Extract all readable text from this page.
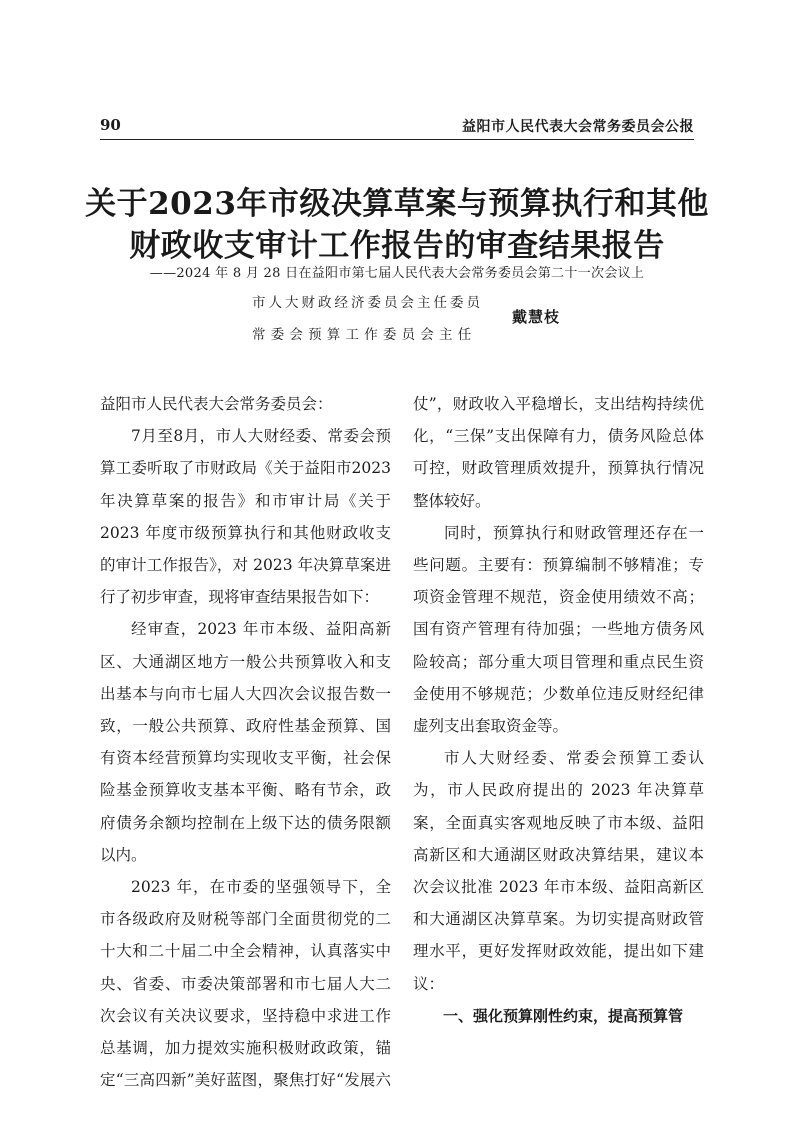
90	益阳市人民代表大会常务委员会公报
关于2023年市级决算草案与预算执行和其他
财政收支审计工作报告的审查结果报告
——2024 年 8 月 28 日在益阳市第七届人民代表大会常务委员会第二十一次会议上
市人大财政经济委员会主任委员
常委会预算工作委员会主任
戴慧枝

益阳市人民代表大会常务委员会：

7月至8月，市人大财经委、常委会预算工委听取了市财政局《关于益阳市2023年决算草案的报告》和市审计局《关于 2023 年度市级预算执行和其他财政收支的审计工作报告》，对 2023 年决算草案进行了初步审查，现将审查结果报告如下：

经审查，2023 年市本级、益阳高新区、大通湖区地方一般公共预算收入和支出基本与向市七届人大四次会议报告数一致，一般公共预算、政府性基金预算、国有资本经营预算均实现收支平衡，社会保险基金预算收支基本平衡、略有节余，政府债务余额均控制在上级下达的债务限额以内。

2023 年，在市委的坚强领导下，全市各级政府及财税等部门全面贯彻党的二十大和二十届二中全会精神，认真落实中央、省委、市委决策部署和市七届人大二次会议有关决议要求，坚持稳中求进工作总基调，加力提效实施积极财政政策，锚定“三高四新”美好蓝图，聚焦打好“发展六

仗”，财政收入平稳增长，支出结构持续优化，“三保”支出保障有力，债务风险总体可控，财政管理质效提升，预算执行情况整体较好。

同时，预算执行和财政管理还存在一些问题。主要有：预算编制不够精准；专项资金管理不规范，资金使用绩效不高；国有资产管理有待加强；一些地方债务风险较高；部分重大项目管理和重点民生资金使用不够规范；少数单位违反财经纪律虚列支出套取资金等。

市人大财经委、常委会预算工委认为，市人民政府提出的 2023 年决算草案，全面真实客观地反映了市本级、益阳高新区和大通湖区财政决算结果，建议本次会议批准 2023 年市本级、益阳高新区和大通湖区决算草案。为切实提高财政管理水平，更好发挥财政效能，提出如下建议：

一、强化预算刚性约束，提高预算管
